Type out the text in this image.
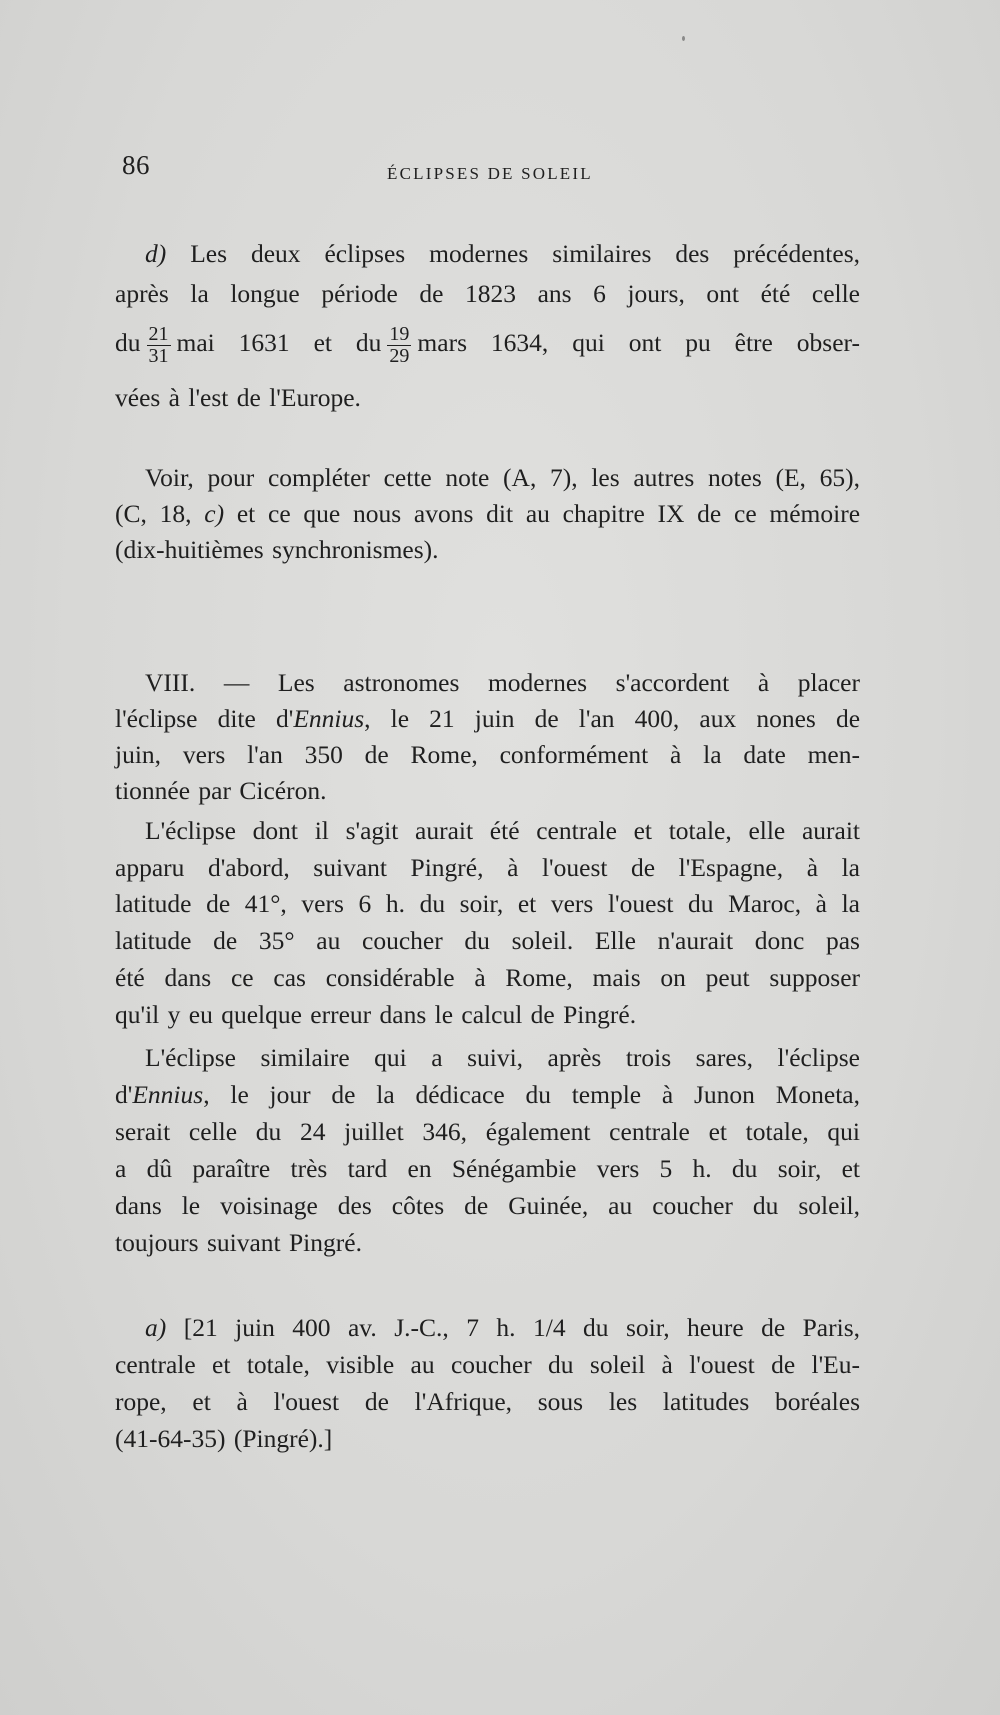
86	ÉCLIPSES DE SOLEIL
d) Les deux éclipses modernes similaires des précédentes,
après la longue période de 1823 ans 6 jours, ont été celle
du $\frac{21}{31}$ mai 1631 et du $\frac{19}{29}$ mars 1634, qui ont pu être obser-
vées à l'est de l'Europe.
Voir, pour compléter cette note (A, 7), les autres notes (E, 65),
(C, 18, c) et ce que nous avons dit au chapitre IX de ce mémoire
(dix-huitièmes synchronismes).
VIII. — Les astronomes modernes s'accordent à placer
l'éclipse dite d'Ennius, le 21 juin de l'an 400, aux nones de
juin, vers l'an 350 de Rome, conformément à la date men-
tionnée par Cicéron.
L'éclipse dont il s'agit aurait été centrale et totale, elle aurait
apparu d'abord, suivant Pingré, à l'ouest de l'Espagne, à la
latitude de 41°, vers 6 h. du soir, et vers l'ouest du Maroc, à la
latitude de 35° au coucher du soleil. Elle n'aurait donc pas
été dans ce cas considérable à Rome, mais on peut supposer
qu'il y eu quelque erreur dans le calcul de Pingré.
L'éclipse similaire qui a suivi, après trois sares, l'éclipse
d'Ennius, le jour de la dédicace du temple à Junon Moneta,
serait celle du 24 juillet 346, également centrale et totale, qui
a dû paraître très tard en Sénégambie vers 5 h. du soir, et
dans le voisinage des côtes de Guinée, au coucher du soleil,
toujours suivant Pingré.
a) [21 juin 400 av. J.-C., 7 h. 1/4 du soir, heure de Paris,
centrale et totale, visible au coucher du soleil à l'ouest de l'Eu-
rope, et à l'ouest de l'Afrique, sous les latitudes boréales
(41-64-35) (Pingré).]
